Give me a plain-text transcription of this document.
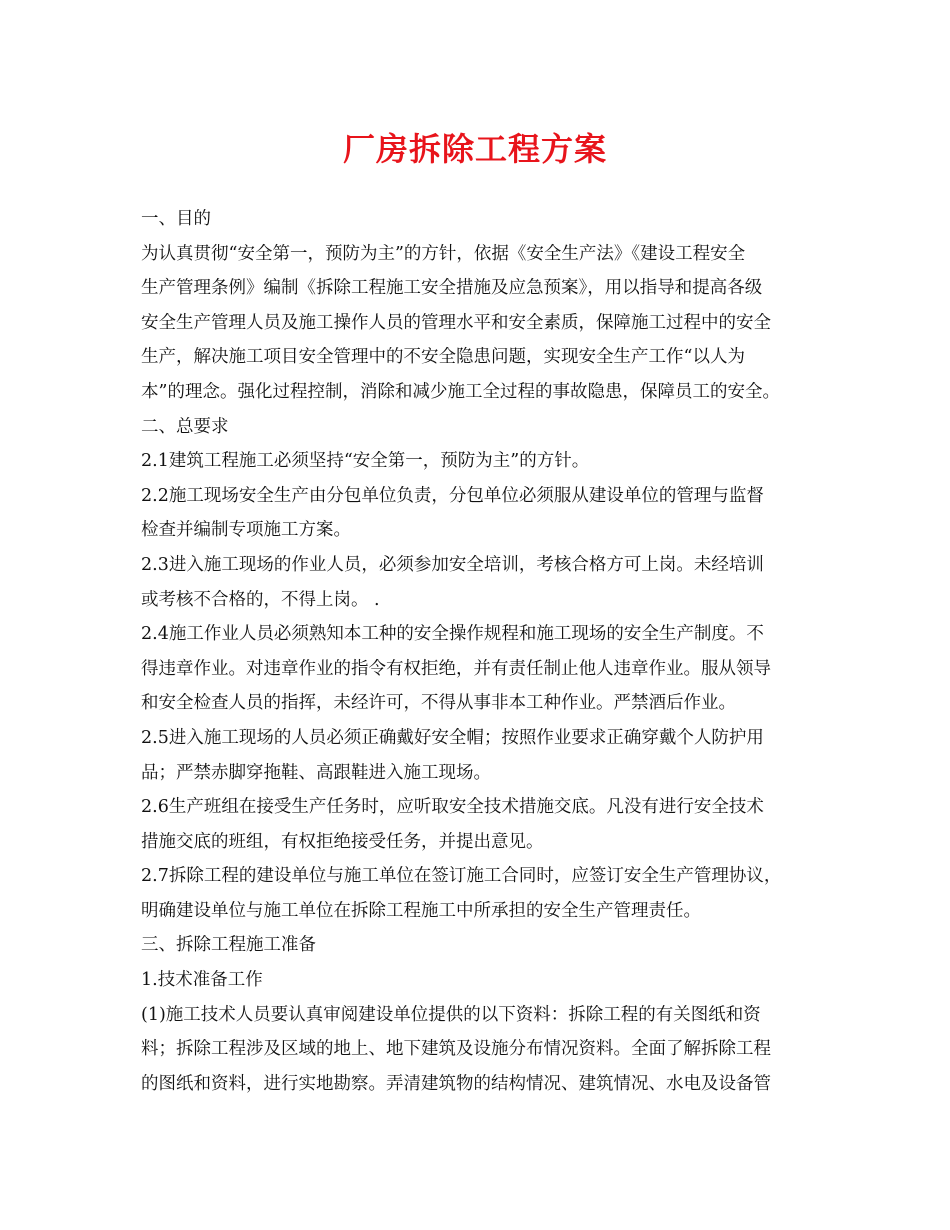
厂房拆除工程方案
一、目的
为认真贯彻“安全第一，预防为主”的方针，依据《安全生产法》《建设工程安全
生产管理条例》编制《拆除工程施工安全措施及应急预案》，用以指导和提高各级
安全生产管理人员及施工操作人员的管理水平和安全素质，保障施工过程中的安全
生产，解决施工项目安全管理中的不安全隐患问题，实现安全生产工作“以人为
本”的理念。强化过程控制，消除和减少施工全过程的事故隐患，保障员工的安全。
二、总要求
2.1建筑工程施工必须坚持“安全第一，预防为主”的方针。
2.2施工现场安全生产由分包单位负责，分包单位必须服从建设单位的管理与监督
检查并编制专项施工方案。
2.3进入施工现场的作业人员，必须参加安全培训，考核合格方可上岗。未经培训
或考核不合格的，不得上岗。 .
2.4施工作业人员必须熟知本工种的安全操作规程和施工现场的安全生产制度。不
得违章作业。对违章作业的指令有权拒绝，并有责任制止他人违章作业。服从领导
和安全检查人员的指挥，未经许可，不得从事非本工种作业。严禁酒后作业。
2.5进入施工现场的人员必须正确戴好安全帽；按照作业要求正确穿戴个人防护用
品；严禁赤脚穿拖鞋、高跟鞋进入施工现场。
2.6生产班组在接受生产任务时，应听取安全技术措施交底。凡没有进行安全技术
措施交底的班组，有权拒绝接受任务，并提出意见。
2.7拆除工程的建设单位与施工单位在签订施工合同时，应签订安全生产管理协议，
明确建设单位与施工单位在拆除工程施工中所承担的安全生产管理责任。
三、拆除工程施工准备
1.技术准备工作
(1)施工技术人员要认真审阅建设单位提供的以下资料：拆除工程的有关图纸和资
料；拆除工程涉及区域的地上、地下建筑及设施分布情况资料。全面了解拆除工程
的图纸和资料，进行实地勘察。弄清建筑物的结构情况、建筑情况、水电及设备管
